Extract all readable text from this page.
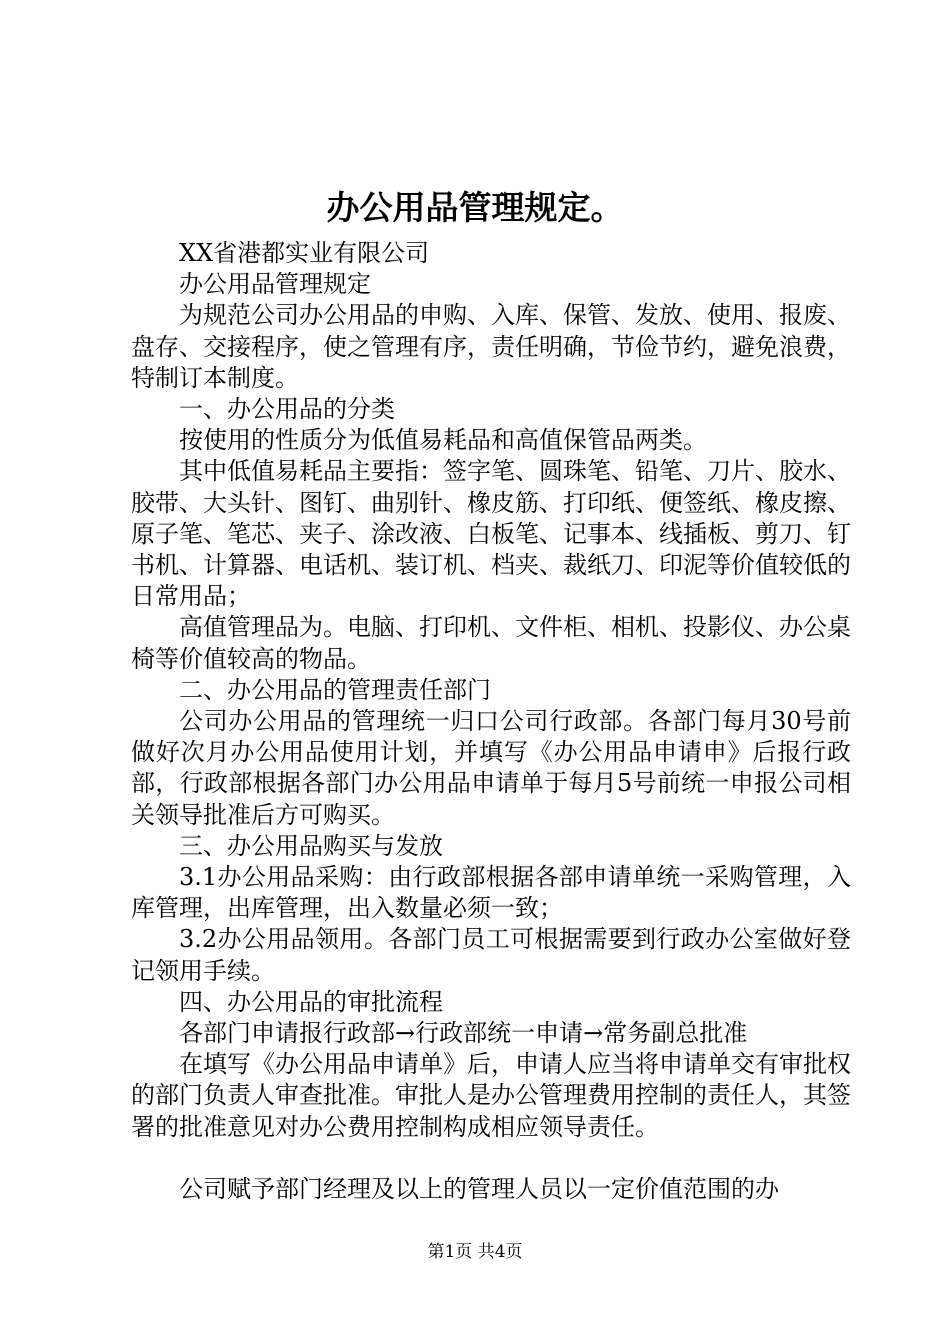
办公用品管理规定。

XX省港都实业有限公司

办公用品管理规定

为规范公司办公用品的申购、入库、保管、发放、使用、报废、盘存、交接程序，使之管理有序，责任明确，节俭节约，避免浪费，特制订本制度。

一、办公用品的分类

按使用的性质分为低值易耗品和高值保管品两类。

其中低值易耗品主要指：签字笔、圆珠笔、铅笔、刀片、胶水、胶带、大头针、图钉、曲别针、橡皮筋、打印纸、便签纸、橡皮擦、原子笔、笔芯、夹子、涂改液、白板笔、记事本、线插板、剪刀、钉书机、计算器、电话机、装订机、档夹、裁纸刀、印泥等价值较低的日常用品；

高值管理品为。电脑、打印机、文件柜、相机、投影仪、办公桌椅等价值较高的物品。

二、办公用品的管理责任部门

公司办公用品的管理统一归口公司行政部。各部门每月30号前做好次月办公用品使用计划，并填写《办公用品申请申》后报行政部，行政部根据各部门办公用品申请单于每月5号前统一申报公司相关领导批准后方可购买。

三、办公用品购买与发放

3.1办公用品采购：由行政部根据各部申请单统一采购管理，入库管理，出库管理，出入数量必须一致；

3.2办公用品领用。各部门员工可根据需要到行政办公室做好登记领用手续。

四、办公用品的审批流程

各部门申请报行政部→行政部统一申请→常务副总批准

在填写《办公用品申请单》后，申请人应当将申请单交有审批权的部门负责人审查批准。审批人是办公管理费用控制的责任人，其签署的批准意见对办公费用控制构成相应领导责任。

公司赋予部门经理及以上的管理人员以一定价值范围的办

第1页 共4页
